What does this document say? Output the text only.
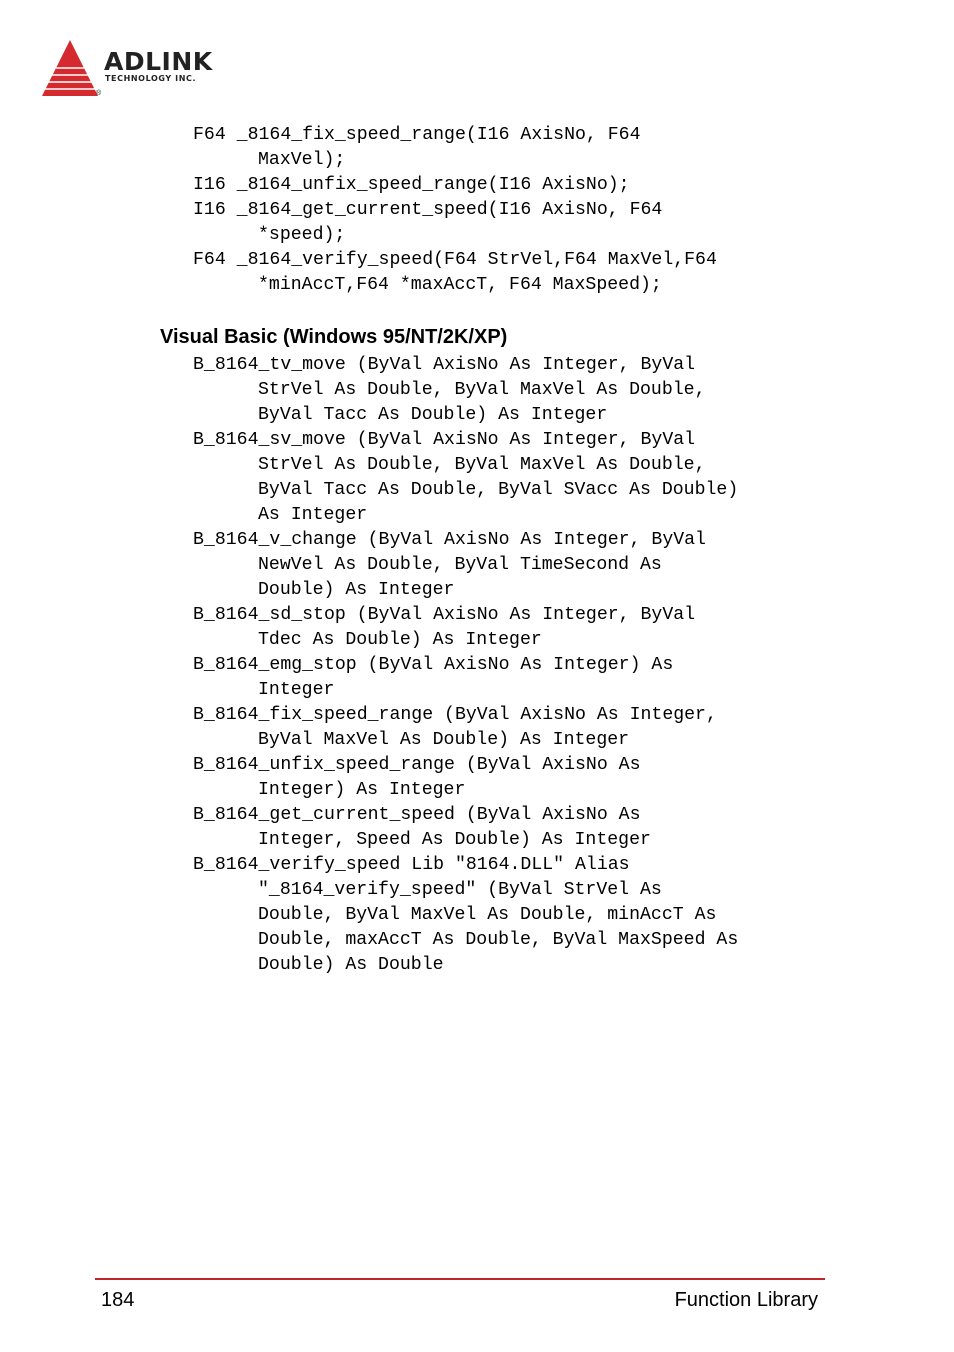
ADLINK
TECHNOLOGY INC.
®
F64 _8164_fix_speed_range(I16 AxisNo, F64
MaxVel);
I16 _8164_unfix_speed_range(I16 AxisNo);
I16 _8164_get_current_speed(I16 AxisNo, F64
*speed);
F64 _8164_verify_speed(F64 StrVel,F64 MaxVel,F64
*minAccT,F64 *maxAccT, F64 MaxSpeed);
Visual Basic (Windows 95/NT/2K/XP)
B_8164_tv_move (ByVal AxisNo As Integer, ByVal
StrVel As Double, ByVal MaxVel As Double,
ByVal Tacc As Double) As Integer
B_8164_sv_move (ByVal AxisNo As Integer, ByVal
StrVel As Double, ByVal MaxVel As Double,
ByVal Tacc As Double, ByVal SVacc As Double)
As Integer
B_8164_v_change (ByVal AxisNo As Integer, ByVal
NewVel As Double, ByVal TimeSecond As
Double) As Integer
B_8164_sd_stop (ByVal AxisNo As Integer, ByVal
Tdec As Double) As Integer
B_8164_emg_stop (ByVal AxisNo As Integer) As
Integer
B_8164_fix_speed_range (ByVal AxisNo As Integer,
ByVal MaxVel As Double) As Integer
B_8164_unfix_speed_range (ByVal AxisNo As
Integer) As Integer
B_8164_get_current_speed (ByVal AxisNo As
Integer, Speed As Double) As Integer
B_8164_verify_speed Lib "8164.DLL" Alias
"_8164_verify_speed" (ByVal StrVel As
Double, ByVal MaxVel As Double, minAccT As
Double, maxAccT As Double, ByVal MaxSpeed As
Double) As Double
184	Function Library
